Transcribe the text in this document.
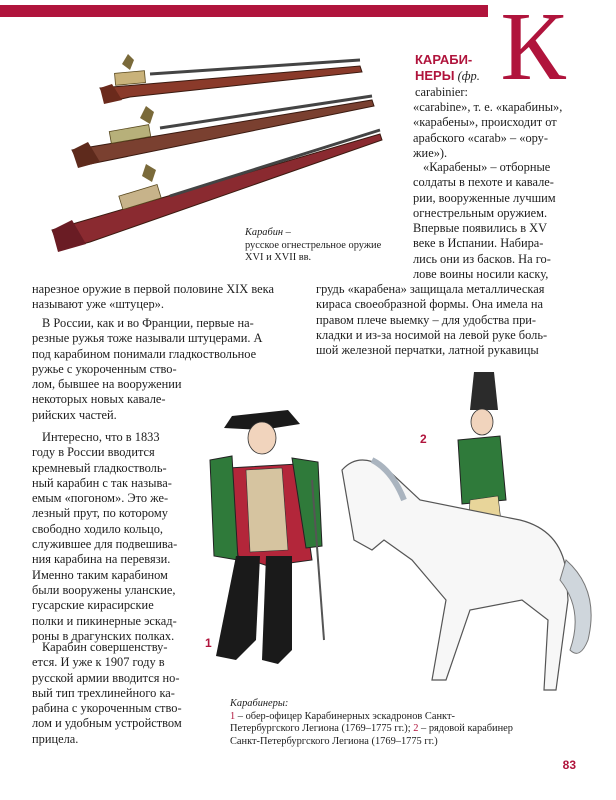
К

КАРАБИ-

НЕРЫ (фр.

carabinier:

«carabine», т. е. «карабины»,

«карабены», происходит от

арабского «carab» – «ору-

жие»).

«Карабены» – отборные

солдаты в пехоте и кавале-

рии, вооруженные лучшим

огнестрельным оружием.

Впервые появились в XV

веке в Испании. Набира-

лись они из басков. На го-

лове воины носили каску,

грудь «карабена» защищала металлическая

кираса своеобразной формы. Она имела на

правом плече выемку – для удобства при-

кладки и из-за носимой на левой руке боль-

шой железной перчатки, латной рукавицы

Карабин –

русское огнестрельное оружие

XVI и XVII вв.

нарезное оружие в первой половине XIX века

называют уже «штуцер».

В России, как и во Франции, первые на-

резные ружья тоже называли штуцерами. А

под карабином понимали гладкоствольное

ружье с укороченным ство-

лом, бывшее на вооружении

некоторых новых кавале-

рийских частей.

Интересно, что в 1833

году в России вводится

кремневый гладкостволь-

ный карабин с так называ-

емым «погоном». Это же-

лезный прут, по которому

свободно ходило кольцо,

служившее для подвешива-

ния карабина на перевязи.

Именно таким карабином

были вооружены уланские,

гусарские кирасирские

полки и пикинерные эскад-

роны в драгунских полках.

Карабин совершенству-

ется. И уже к 1907 году в

русской армии вводится но-

вый тип трехлинейного ка-

рабина с укороченным ство-

лом и удобным устройством

прицела.

1
2

Карабинеры:

1 – обер-офицер Карабинерных эскадронов Санкт-

Петербургского Легиона (1769–1775 гг.); 2 – рядовой карабинер

Санкт-Петербургского Легиона (1769–1775 гг.)

83
